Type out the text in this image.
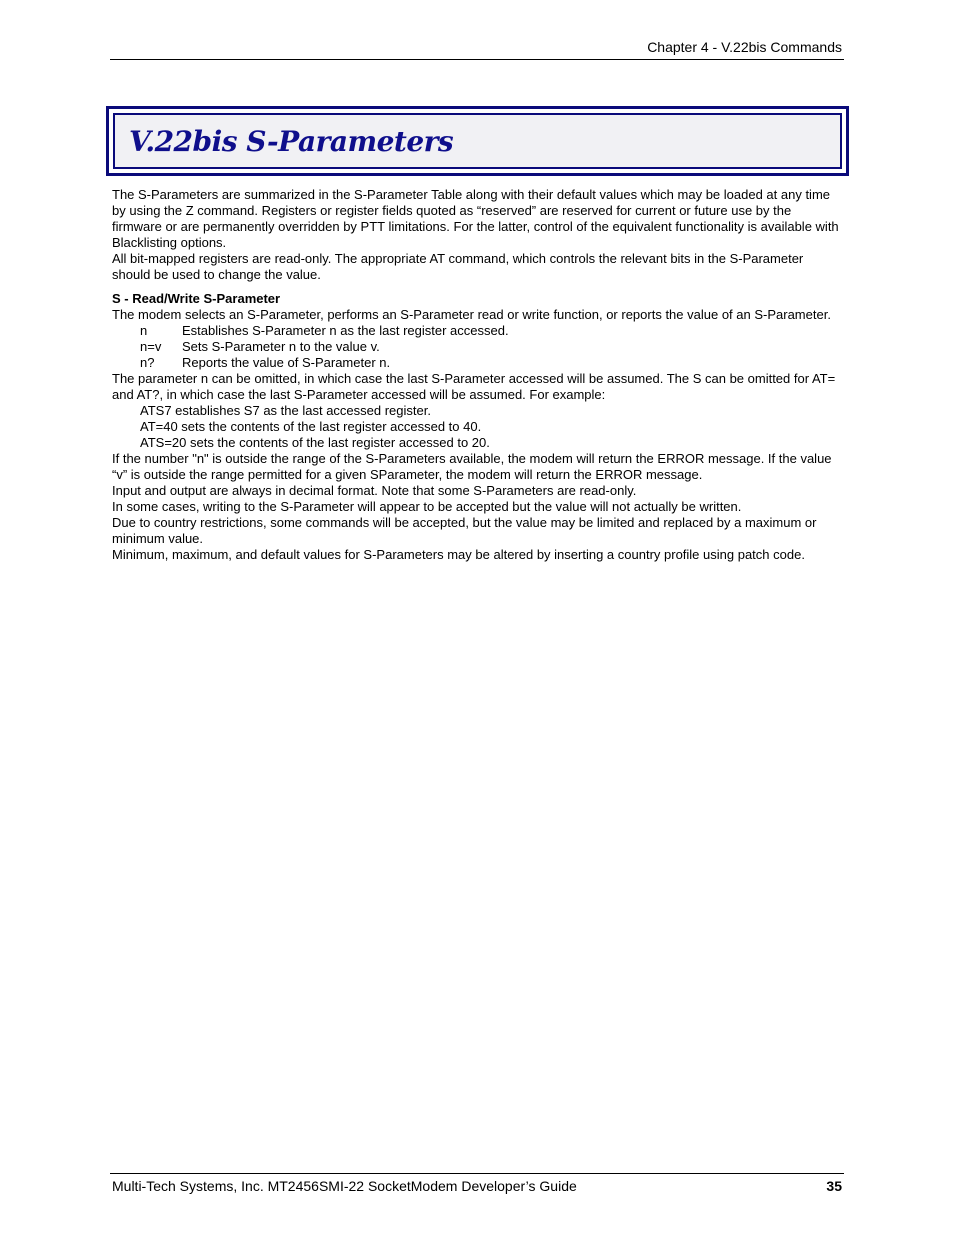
Chapter 4 - V.22bis Commands
V.22bis S-Parameters

The S-Parameters are summarized in the S-Parameter Table along with their default values which may be loaded at any time by using the Z command. Registers or register fields quoted as “reserved” are reserved for current or future use by the firmware or are permanently overridden by PTT limitations. For the latter, control of the equivalent functionality is available with Blacklisting options.

All bit-mapped registers are read-only. The appropriate AT command, which controls the relevant bits in the S-Parameter should be used to change the value.

S - Read/Write S-Parameter

The modem selects an S-Parameter, performs an S-Parameter read or write function, or reports the value of an S-Parameter.

n	Establishes S-Parameter n as the last register accessed.
n=v	Sets S-Parameter n to the value v.
n?	Reports the value of S-Parameter n.

The parameter n can be omitted, in which case the last S-Parameter accessed will be assumed. The S can be omitted for AT= and AT?, in which case the last S-Parameter accessed will be assumed. For example:

ATS7 establishes S7 as the last accessed register.

AT=40 sets the contents of the last register accessed to 40.

ATS=20 sets the contents of the last register accessed to 20.

If the number "n" is outside the range of the S-Parameters available, the modem will return the ERROR message. If the value “v” is outside the range permitted for a given SParameter, the modem will return the ERROR message.

Input and output are always in decimal format. Note that some S-Parameters are read-only.

In some cases, writing to the S-Parameter will appear to be accepted but the value will not actually be written.

Due to country restrictions, some commands will be accepted, but the value may be limited and replaced by a maximum or minimum value.

Minimum, maximum, and default values for S-Parameters may be altered by inserting a country profile using patch code.

Multi-Tech Systems, Inc. MT2456SMI-22 SocketModem Developer’s Guide	35
